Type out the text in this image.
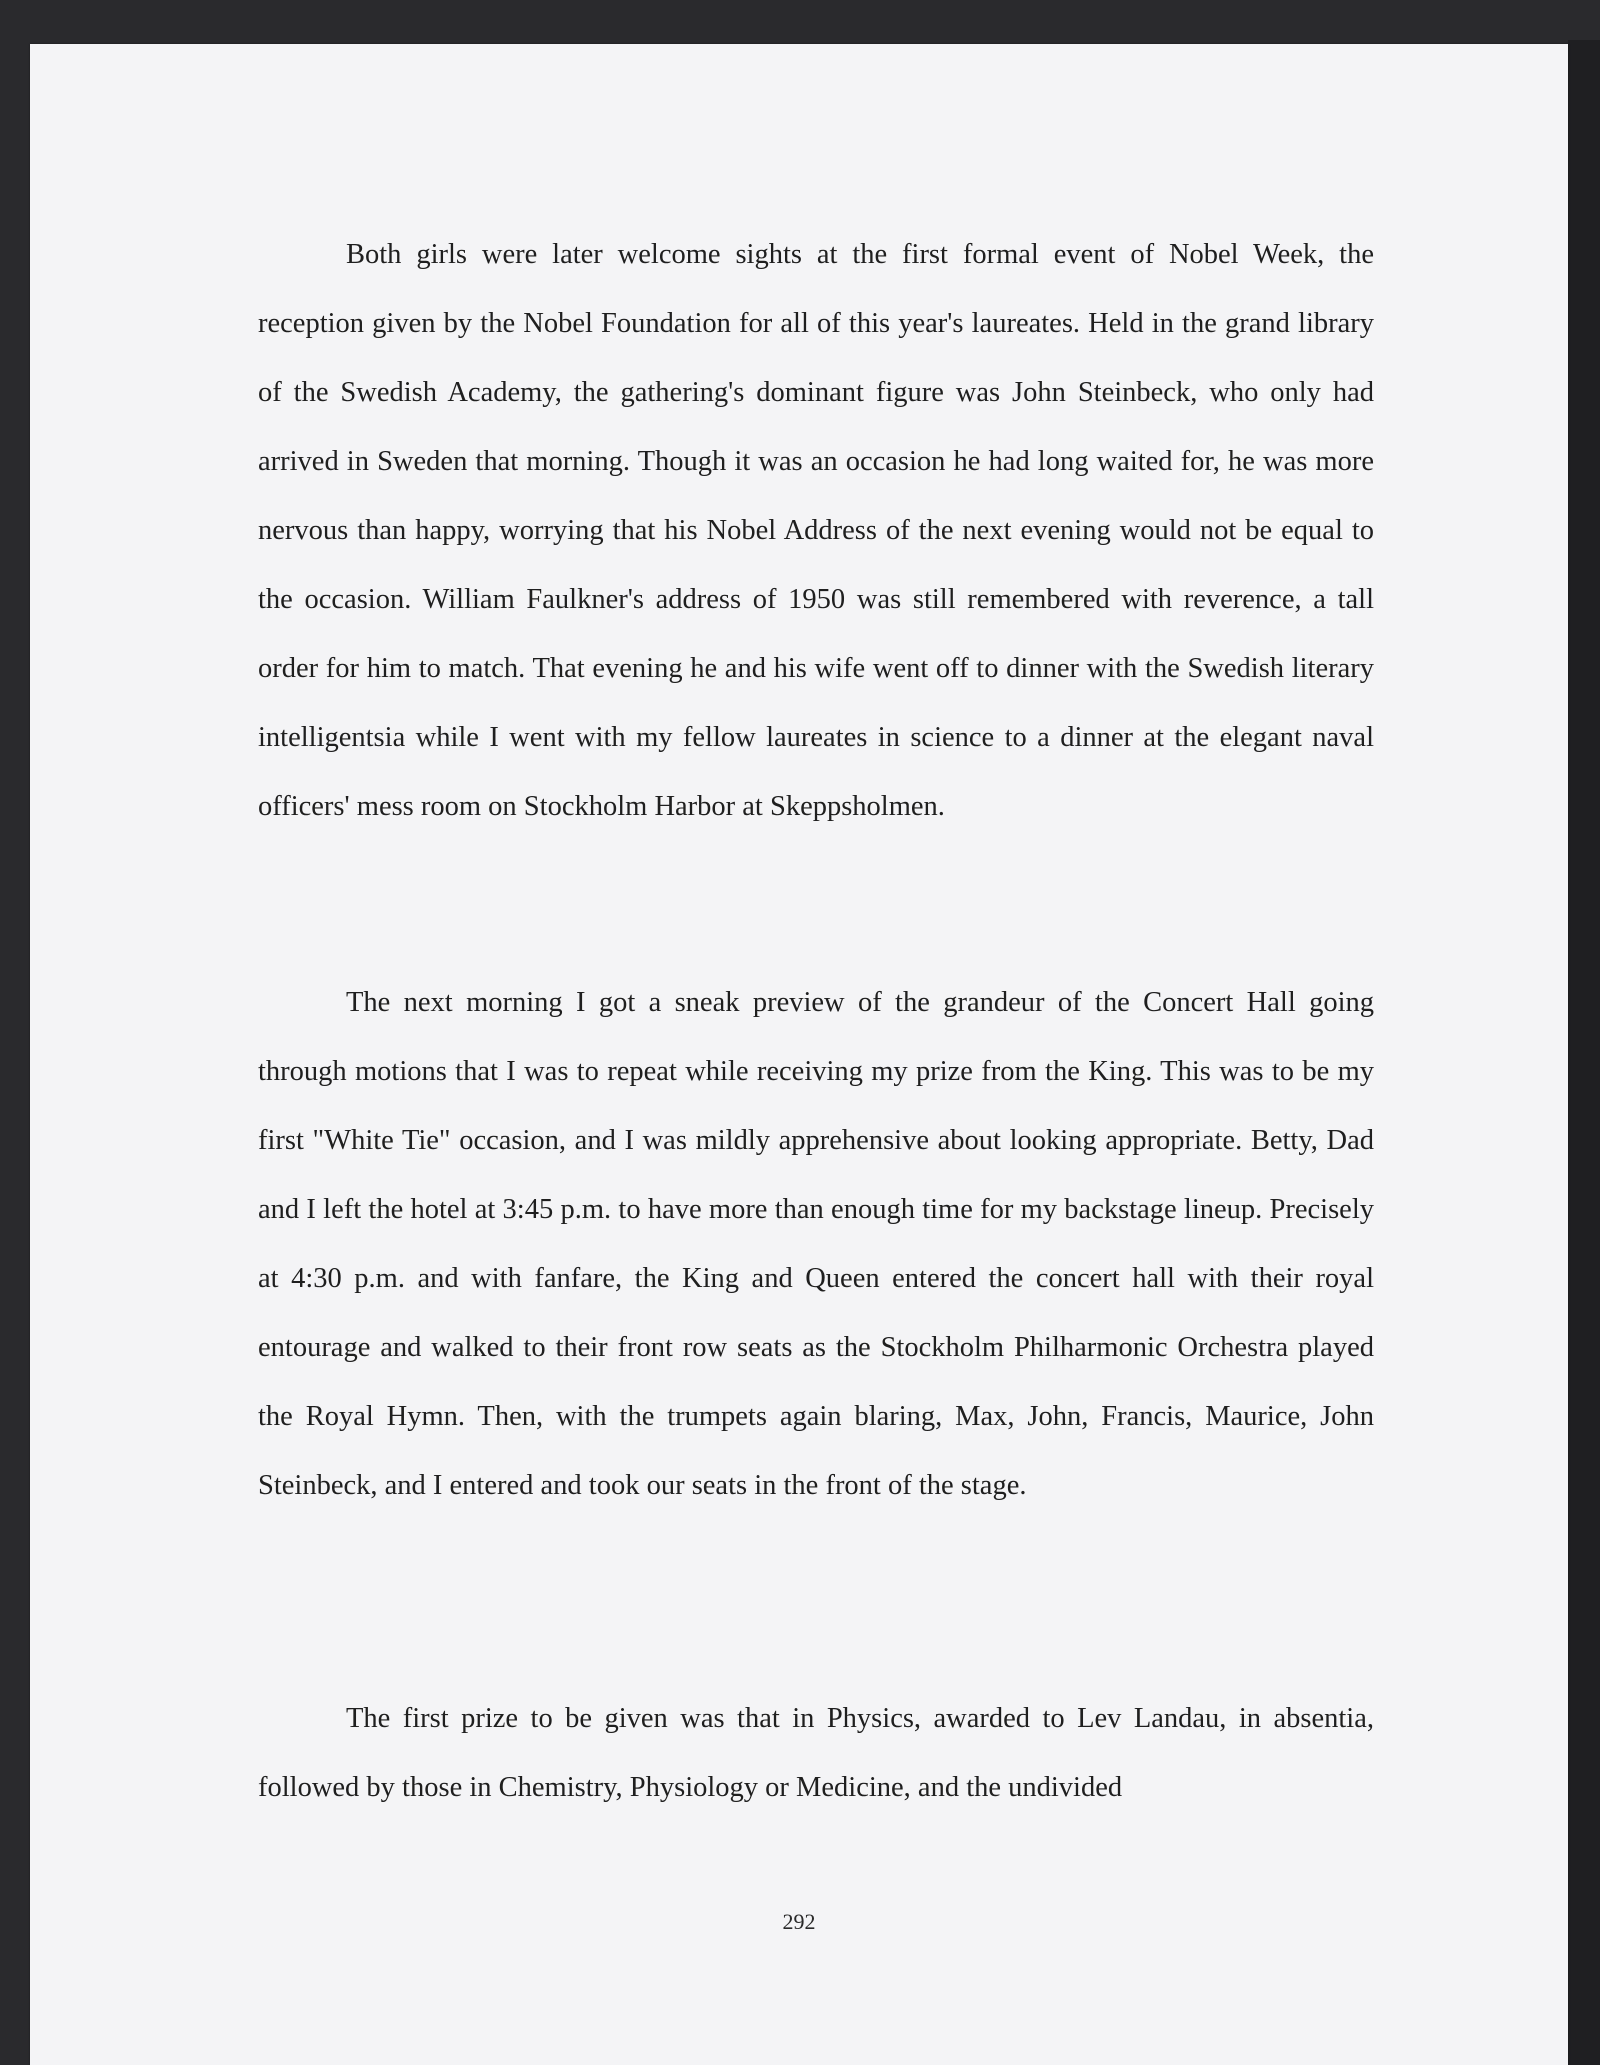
Both girls were later welcome sights at the first formal event of Nobel Week, the reception given by the Nobel Foundation for all of this year's laureates. Held in the grand library of the Swedish Academy, the gathering's dominant figure was John Steinbeck, who only had arrived in Sweden that morning. Though it was an occasion he had long waited for, he was more nervous than happy, worrying that his Nobel Address of the next evening would not be equal to the occasion. William Faulkner's address of 1950 was still remembered with reverence, a tall order for him to match. That evening he and his wife went off to dinner with the Swedish literary intelligentsia while I went with my fellow laureates in science to a dinner at the elegant naval officers' mess room on Stockholm Harbor at Skeppsholmen.

The next morning I got a sneak preview of the grandeur of the Concert Hall going through motions that I was to repeat while receiving my prize from the King. This was to be my first "White Tie" occasion, and I was mildly apprehensive about looking appropriate. Betty, Dad and I left the hotel at 3:45 p.m. to have more than enough time for my backstage lineup. Precisely at 4:30 p.m. and with fanfare, the King and Queen entered the concert hall with their royal entourage and walked to their front row seats as the Stockholm Philharmonic Orchestra played the Royal Hymn. Then, with the trumpets again blaring, Max, John, Francis, Maurice, John Steinbeck, and I entered and took our seats in the front of the stage.

The first prize to be given was that in Physics, awarded to Lev Landau, in absentia, followed by those in Chemistry, Physiology or Medicine, and the undivided

292
